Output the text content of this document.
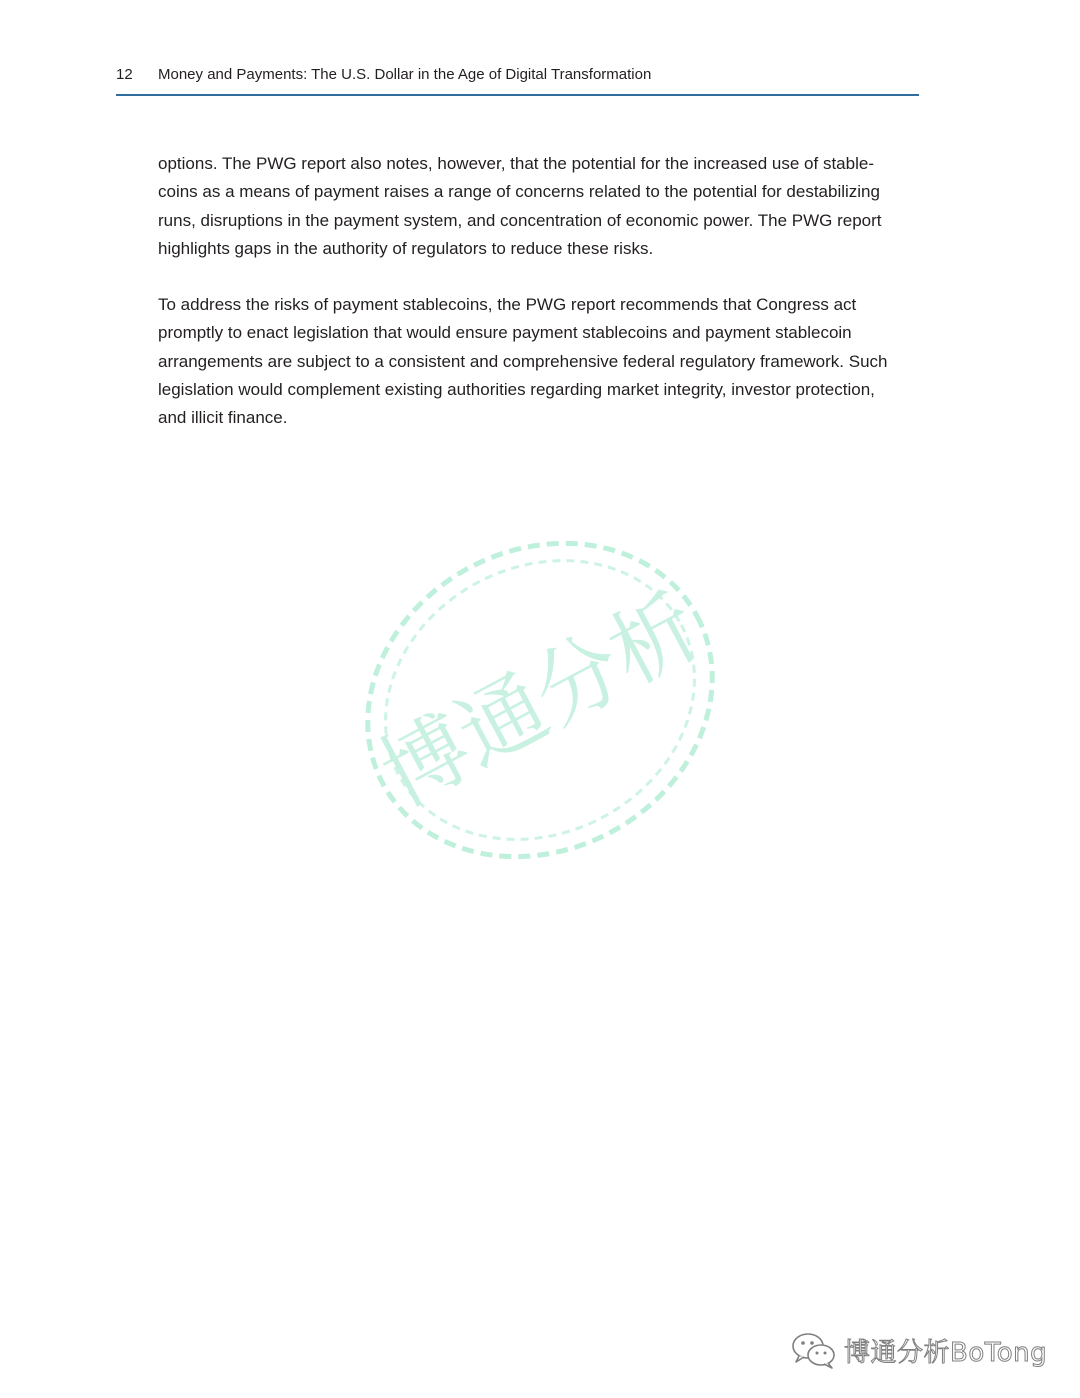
12 Money and Payments: The U.S. Dollar in the Age of Digital Transformation

options. The PWG report also notes, however, that the potential for the increased use of stable-
coins as a means of payment raises a range of concerns related to the potential for destabilizing
runs, disruptions in the payment system, and concentration of economic power. The PWG report
highlights gaps in the authority of regulators to reduce these risks.

To address the risks of payment stablecoins, the PWG report recommends that Congress act
promptly to enact legislation that would ensure payment stablecoins and payment stablecoin
arrangements are subject to a consistent and comprehensive federal regulatory framework. Such
legislation would complement existing authorities regarding market integrity, investor protection,
and illicit finance.

博通分析
博通分析BoTong
